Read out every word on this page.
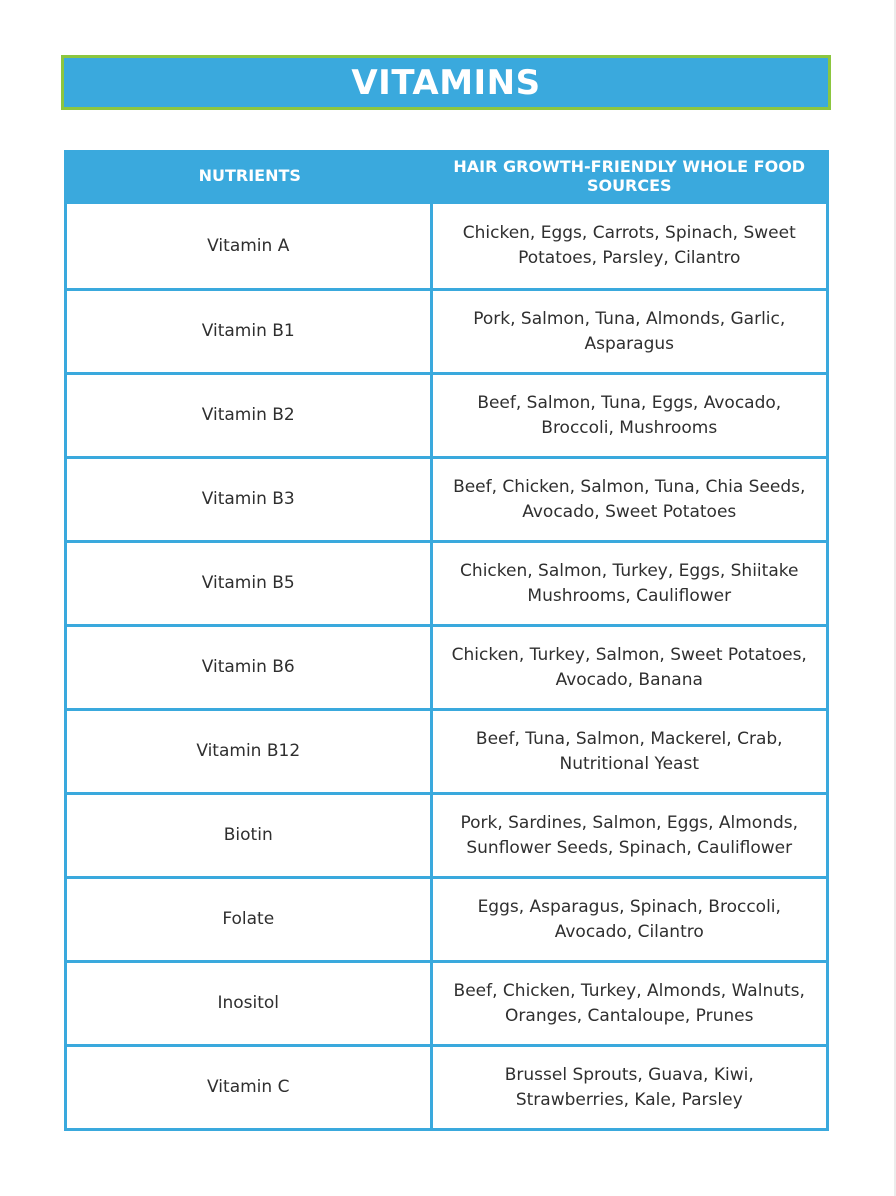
VITAMINS
NUTRIENTS	HAIR GROWTH-FRIENDLY WHOLE FOOD SOURCES
Vitamin A
Chicken, Eggs, Carrots, Spinach, Sweet Potatoes, Parsley, Cilantro
Vitamin B1
Pork, Salmon, Tuna, Almonds, Garlic, Asparagus
Vitamin B2
Beef, Salmon, Tuna, Eggs, Avocado, Broccoli, Mushrooms
Vitamin B3
Beef, Chicken, Salmon, Tuna, Chia Seeds, Avocado, Sweet Potatoes
Vitamin B5
Chicken, Salmon, Turkey, Eggs, Shiitake Mushrooms, Cauliflower
Vitamin B6
Chicken, Turkey, Salmon, Sweet Potatoes, Avocado, Banana
Vitamin B12
Beef, Tuna, Salmon, Mackerel, Crab, Nutritional Yeast
Biotin
Pork, Sardines, Salmon, Eggs, Almonds, Sunflower Seeds, Spinach, Cauliflower
Folate
Eggs, Asparagus, Spinach, Broccoli, Avocado, Cilantro
Inositol
Beef, Chicken, Turkey, Almonds, Walnuts, Oranges, Cantaloupe, Prunes
Vitamin C
Brussel Sprouts, Guava, Kiwi, Strawberries, Kale, Parsley
